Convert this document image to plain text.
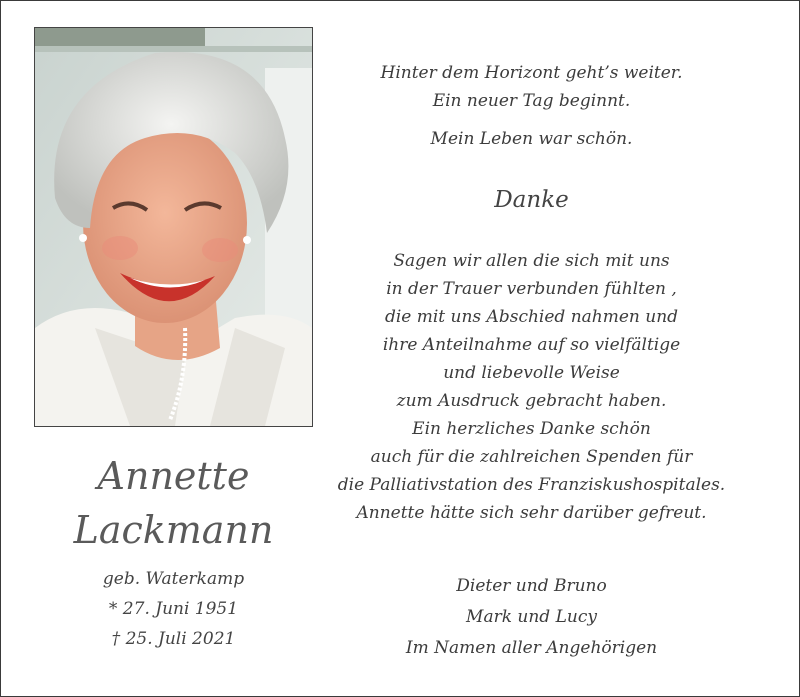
Annette
Lackmann
geb. Waterkamp
* 27. Juni 1951
† 25. Juli 2021
Hinter dem Horizont geht’s weiter.
Ein neuer Tag beginnt.
Mein Leben war schön.
Danke
Sagen wir allen die sich mit uns
in der Trauer verbunden fühlten ,
die mit uns Abschied nahmen und
ihre Anteilnahme auf so vielfältige
und liebevolle Weise
zum Ausdruck gebracht haben.
Ein herzliches Danke schön
auch für die zahlreichen Spenden für
die Palliativstation des Franziskushospitales.
Annette hätte sich sehr darüber gefreut.
Dieter und Bruno
Mark und Lucy
Im Namen aller Angehörigen
